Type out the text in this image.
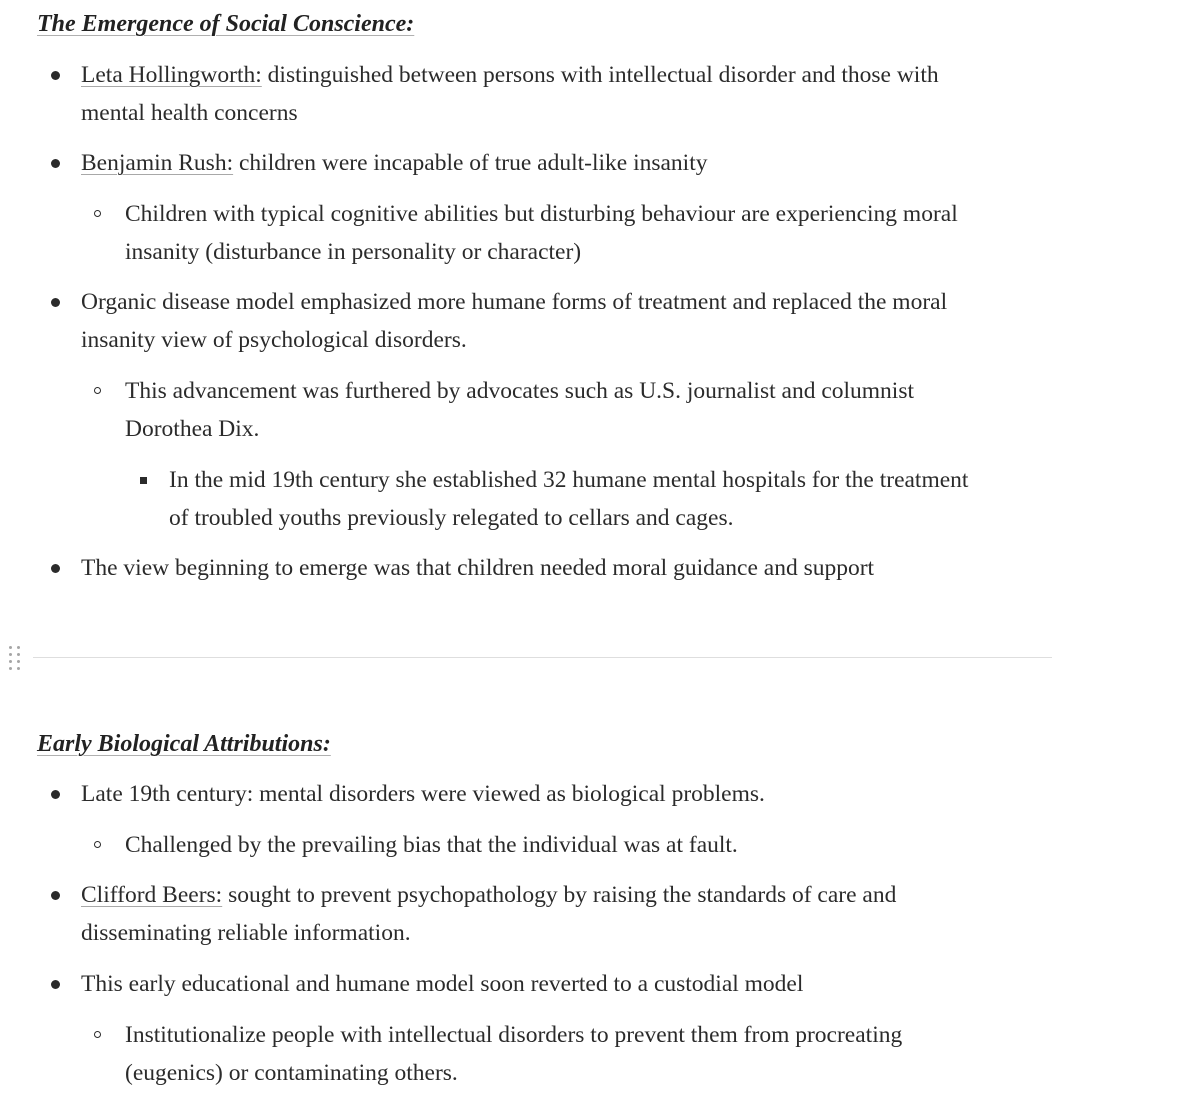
The Emergence of Social Conscience:
Leta Hollingworth: distinguished between persons with intellectual disorder and those with
mental health concerns
Benjamin Rush: children were incapable of true adult-like insanity
Children with typical cognitive abilities but disturbing behaviour are experiencing moral
insanity (disturbance in personality or character)
Organic disease model emphasized more humane forms of treatment and replaced the moral
insanity view of psychological disorders.
This advancement was furthered by advocates such as U.S. journalist and columnist
Dorothea Dix.
In the mid 19th century she established 32 humane mental hospitals for the treatment
of troubled youths previously relegated to cellars and cages.
The view beginning to emerge was that children needed moral guidance and support
Early Biological Attributions:
Late 19th century: mental disorders were viewed as biological problems.
Challenged by the prevailing bias that the individual was at fault.
Clifford Beers: sought to prevent psychopathology by raising the standards of care and
disseminating reliable information.
This early educational and humane model soon reverted to a custodial model
Institutionalize people with intellectual disorders to prevent them from procreating
(eugenics) or contaminating others.
